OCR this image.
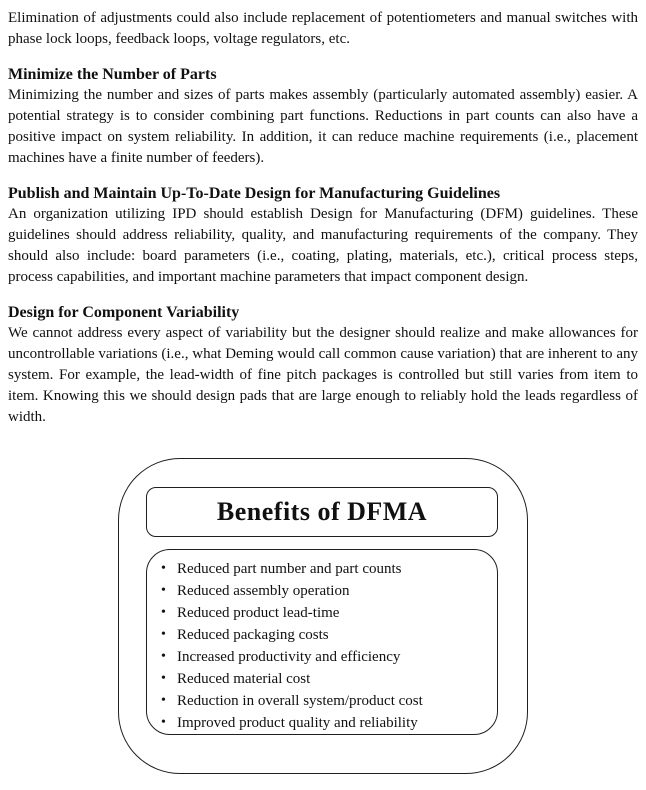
Elimination of adjustments could also include replacement of potentiometers and manual switches with phase lock loops, feedback loops, voltage regulators, etc.

Minimize the Number of Parts

Minimizing the number and sizes of parts makes assembly (particularly automated assembly) easier. A potential strategy is to consider combining part functions. Reductions in part counts can also have a positive impact on system reliability. In addition, it can reduce machine requirements (i.e., placement machines have a finite number of feeders).

Publish and Maintain Up-To-Date Design for Manufacturing Guidelines

An organization utilizing IPD should establish Design for Manufacturing (DFM) guidelines. These guidelines should address reliability, quality, and manufacturing requirements of the company. They should also include: board parameters (i.e., coating, plating, materials, etc.), critical process steps, process capabilities, and important machine parameters that impact component design.

Design for Component Variability

We cannot address every aspect of variability but the designer should realize and make allowances for uncontrollable variations (i.e., what Deming would call common cause variation) that are inherent to any system. For example, the lead-width of fine pitch packages is controlled but still varies from item to item. Knowing this we should design pads that are large enough to reliably hold the leads regardless of width.

Benefits of DFMA
• Reduced part number and part counts
• Reduced assembly operation
• Reduced product lead-time
• Reduced packaging costs
• Increased productivity and efficiency
• Reduced material cost
• Reduction in overall system/product cost
• Improved product quality and reliability
